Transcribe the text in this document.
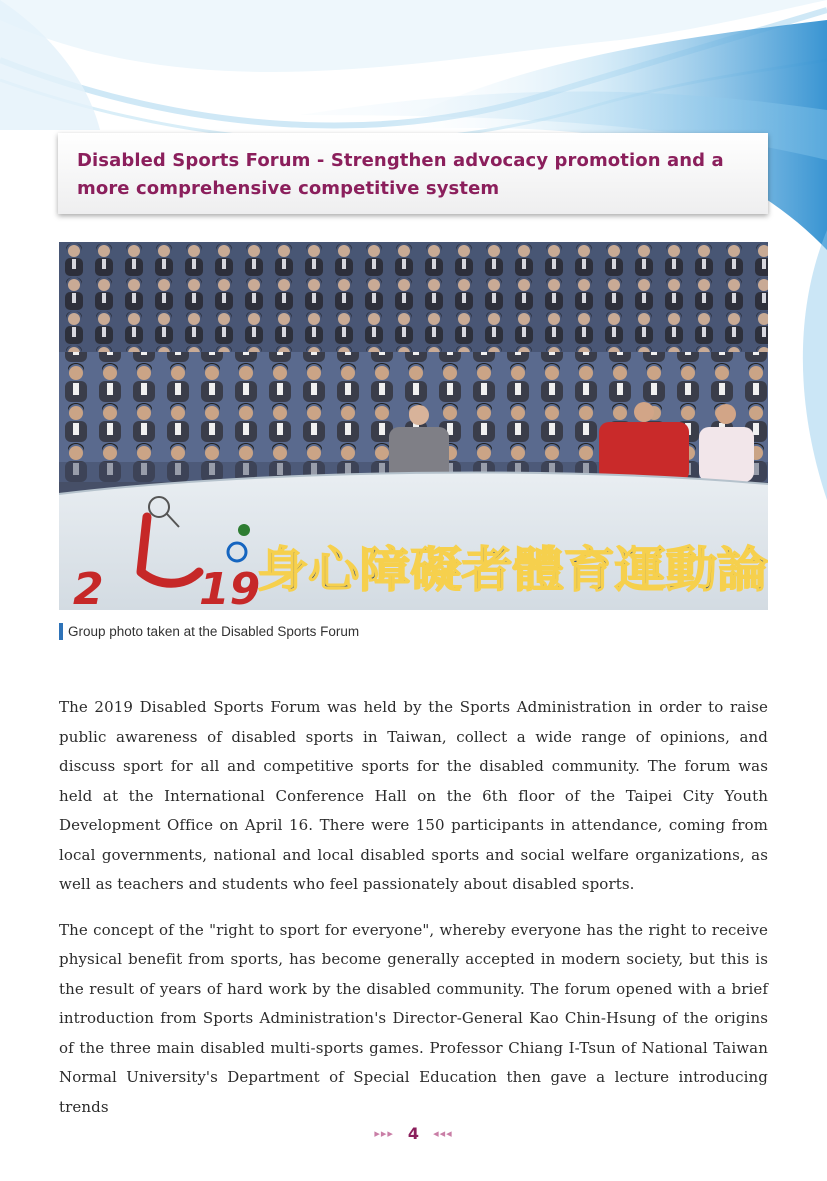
Disabled Sports Forum - Strengthen advocacy promotion and a more comprehensive competitive system

2 19
身心障礙者體育運動論
Group photo taken at the Disabled Sports Forum

The 2019 Disabled Sports Forum was held by the Sports Administration in order to raise public awareness of disabled sports in Taiwan, collect a wide range of opinions, and discuss sport for all and competitive sports for the disabled community. The forum was held at the International Conference Hall on the 6th floor of the Taipei City Youth Development Office on April 16. There were 150 participants in attendance, coming from local governments, national and local disabled sports and social welfare organizations, as well as teachers and students who feel passionately about disabled sports.

The concept of the "right to sport for everyone", whereby everyone has the right to receive physical benefit from sports, has become generally accepted in modern society, but this is the result of years of hard work by the disabled community. The forum opened with a brief introduction from Sports Administration's Director-General Kao Chin-Hsung of the origins of the three main disabled multi-sports games. Professor Chiang I-Tsun of National Taiwan Normal University's Department of Special Education then gave a lecture introducing trends

▸▸▸ 4 ◂◂◂
